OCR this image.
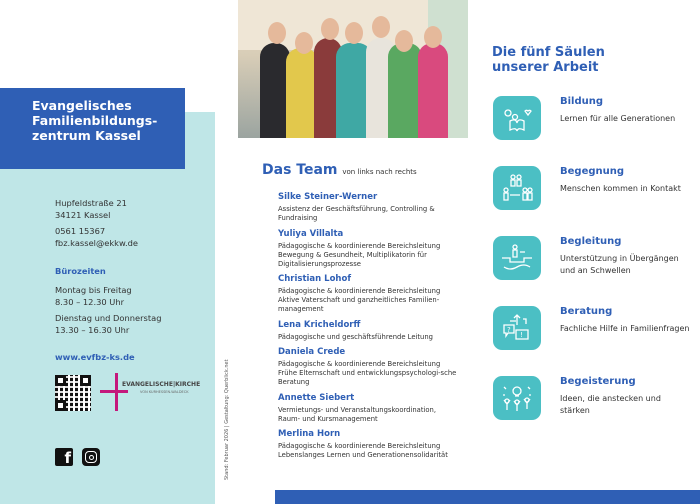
Evangelisches
Familienbildungs-
zentrum Kassel
Hupfeldstraße 21
34121 Kassel
0561 15367
fbz.kassel@ekkw.de
Bürozeiten
Montag bis Freitag
8.30 – 12.30 Uhr
Dienstag und Donnerstag
13.30 – 16.30 Uhr
www.evfbz-ks.de
EVANGELISCHE|KIRCHE
VON KURHESSEN-WALDECK
f	Stand: Februar 2026 | Gestaltung: Querblick.net
Das Team von links nach rechts
Silke Steiner-Werner
Assistenz der Geschäftsführung, Controlling & Fundraising
Yuliya Villalta
Pädagogische & koordinierende Bereichsleitung Bewegung & Gesundheit, Multiplikatorin für Digitalisierungsprozesse
Christian Lohof
Pädagogische & koordinierende Bereichsleitung Aktive Vaterschaft und ganzheitliches Familien-management
Lena Kricheldorff
Pädagogische und geschäftsführende Leitung
Daniela Crede
Pädagogische & koordinierende Bereichsleitung Frühe Elternschaft und entwicklungspsychologi-sche Beratung
Annette Siebert
Vermietungs- und Veranstaltungskoordination, Raum- und Kursmanagement
Merlina Horn
Pädagogische & koordinierende Bereichsleitung Lebenslanges Lernen und Generationensolidarität
Die fünf Säulen
unserer Arbeit
Bildung
Lernen für alle Generationen
Begegnung
Menschen kommen in Kontakt
Begleitung
Unterstützung in Übergängen und an Schwellen
?
!
Beratung
Fachliche Hilfe in Familienfragen
Begeisterung
Ideen, die anstecken und stärken
